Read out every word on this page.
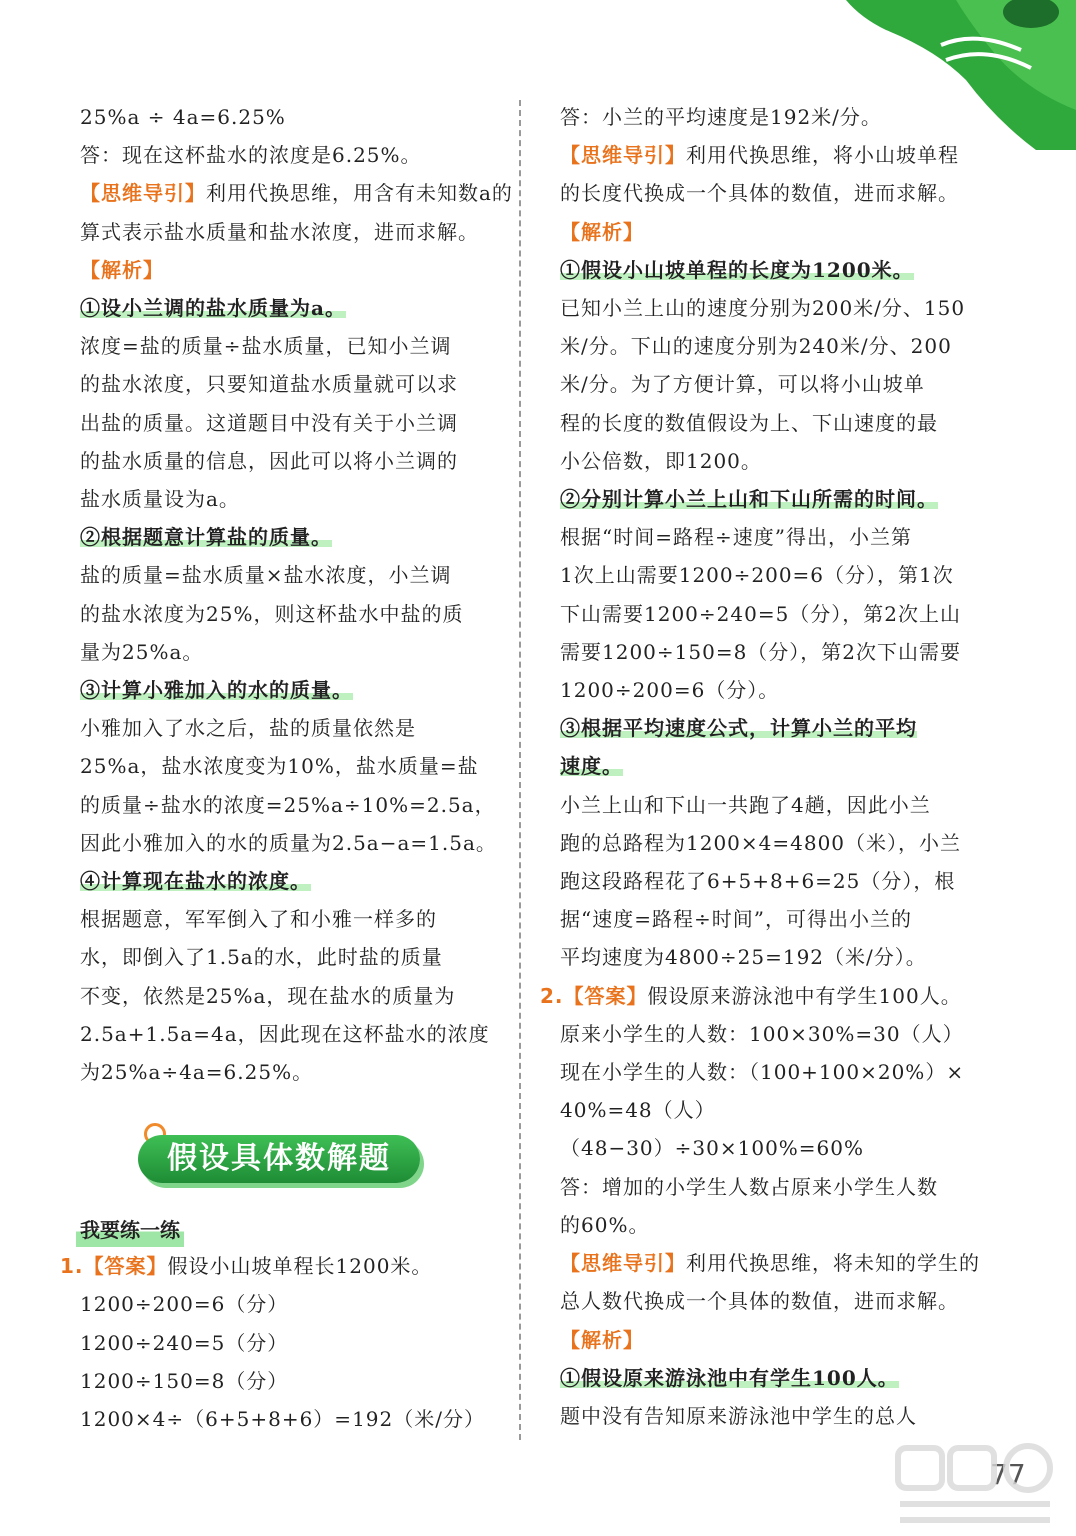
25%a ÷ 4a=6.25%
答：现在这杯盐水的浓度是6.25%。
【思维导引】利用代换思维，用含有未知数a的
算式表示盐水质量和盐水浓度，进而求解。
【解析】
①设小兰调的盐水质量为a。
浓度=盐的质量÷盐水质量，已知小兰调
的盐水浓度，只要知道盐水质量就可以求
出盐的质量。这道题目中没有关于小兰调
的盐水质量的信息，因此可以将小兰调的
盐水质量设为a。
②根据题意计算盐的质量。
盐的质量=盐水质量×盐水浓度，小兰调
的盐水浓度为25%，则这杯盐水中盐的质
量为25%a。
③计算小雅加入的水的质量。
小雅加入了水之后，盐的质量依然是
25%a，盐水浓度变为10%，盐水质量=盐
的质量÷盐水的浓度=25%a÷10%=2.5a，
因此小雅加入的水的质量为2.5a−a=1.5a。
④计算现在盐水的浓度。
根据题意，军军倒入了和小雅一样多的
水，即倒入了1.5a的水，此时盐的质量
不变，依然是25%a，现在盐水的质量为
2.5a+1.5a=4a，因此现在这杯盐水的浓度
为25%a÷4a=6.25%。
假设具体数解题
我要练一练
1.【答案】假设小山坡单程长1200米。
1200÷200=6（分）
1200÷240=5（分）
1200÷150=8（分）
1200×4÷（6+5+8+6）=192（米/分）
答：小兰的平均速度是192米/分。
【思维导引】利用代换思维，将小山坡单程
的长度代换成一个具体的数值，进而求解。
【解析】
①假设小山坡单程的长度为1200米。
已知小兰上山的速度分别为200米/分、150
米/分。下山的速度分别为240米/分、200
米/分。为了方便计算，可以将小山坡单
程的长度的数值假设为上、下山速度的最
小公倍数，即1200。
②分别计算小兰上山和下山所需的时间。
根据“时间=路程÷速度”得出，小兰第
1次上山需要1200÷200=6（分），第1次
下山需要1200÷240=5（分），第2次上山
需要1200÷150=8（分），第2次下山需要
1200÷200=6（分）。
③根据平均速度公式，计算小兰的平均
速度。
小兰上山和下山一共跑了4趟，因此小兰
跑的总路程为1200×4=4800（米），小兰
跑这段路程花了6+5+8+6=25（分），根
据“速度=路程÷时间”，可得出小兰的
平均速度为4800÷25=192（米/分）。
2.【答案】假设原来游泳池中有学生100人。
原来小学生的人数：100×30%=30（人）
现在小学生的人数：（100+100×20%）×
40%=48（人）
（48−30）÷30×100%=60%
答：增加的小学生人数占原来小学生人数
的60%。
【思维导引】利用代换思维，将未知的学生的
总人数代换成一个具体的数值，进而求解。
【解析】
①假设原来游泳池中有学生100人。
题中没有告知原来游泳池中学生的总人
77
